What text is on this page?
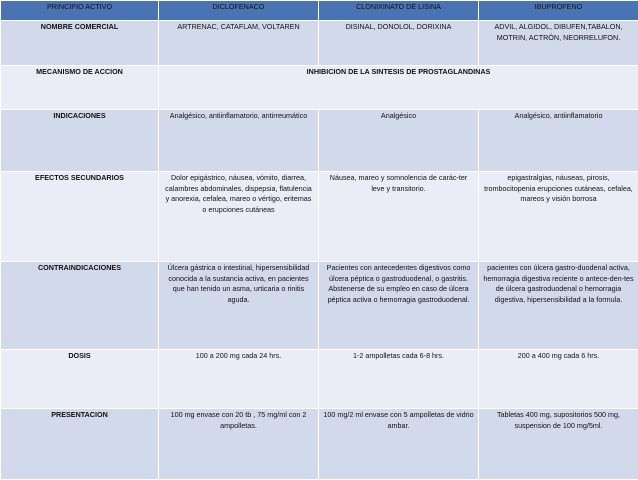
PRINCIPIO ACTIVO	DICLOFENACO	CLONIXINATO DE LISINA	IBUPROFENO
NOMBRE COMERCIAL	ARTRENAC, CATAFLAM, VOLTAREN	DISINAL, DONOLOL, DORIXINA	ADVIL, ALGIDOL, DIBUFEN,TABALON, MOTRIN, ACTRÓN, NEORRELUFON.
MECANISMO DE ACCION	INHIBICION DE LA SINTESIS DE PROSTAGLANDINAS		
INDICACIONES	Analgésico, antiinflamatorio, antirreumático	Analgésico	Analgésico, antiinflamatorio
EFECTOS SECUNDARIOS	Dolor epigástrico, náusea, vómito, diarrea, calambres abdominales, dispepsia, flatulencia y anorexia, cefalea, mareo o vértigo, eritemas o erupciones cutáneas	Náusea, mareo y somnolencia de carác-ter leve y transitorio.	epigastralgias, náuseas, pirosis, trombocitopenia erupciones cutáneas, cefalea, mareos y visión borrosa
CONTRAINDICACIONES	Úlcera gástrica o intestinal, hipersensibilidad conocida a la sustancia activa, en pacientes que han tenido un asma, urticaria o rinitis aguda.	Pacientes con antecedentes digestivos como úlcera péptica o gastroduodenal, o gastritis. Abstenerse de su empleo en caso de úlcera péptica activa o hemorragia gastroduodenal.	pacientes con úlcera gastro-duodenal activa, hemorragia digestiva reciente o antece-den-tes de úlcera gastroduodenal o hemorragia digestiva, hipersensibilidad a la formula.
DOSIS	100 a 200 mg cada 24 hrs.	1-2 ampolletas cada 6-8 hrs.	200 a 400 mg cada 6 hrs.
PRESENTACION	100 mg envase con 20 tb , 75 mg/ml con 2 ampolletas.	100 mg/2 ml envase con 5 ampolletas de vidrio ambar.	Tabletas 400 mg, supositorios 500 mg, suspension de 100 mg/5ml.
